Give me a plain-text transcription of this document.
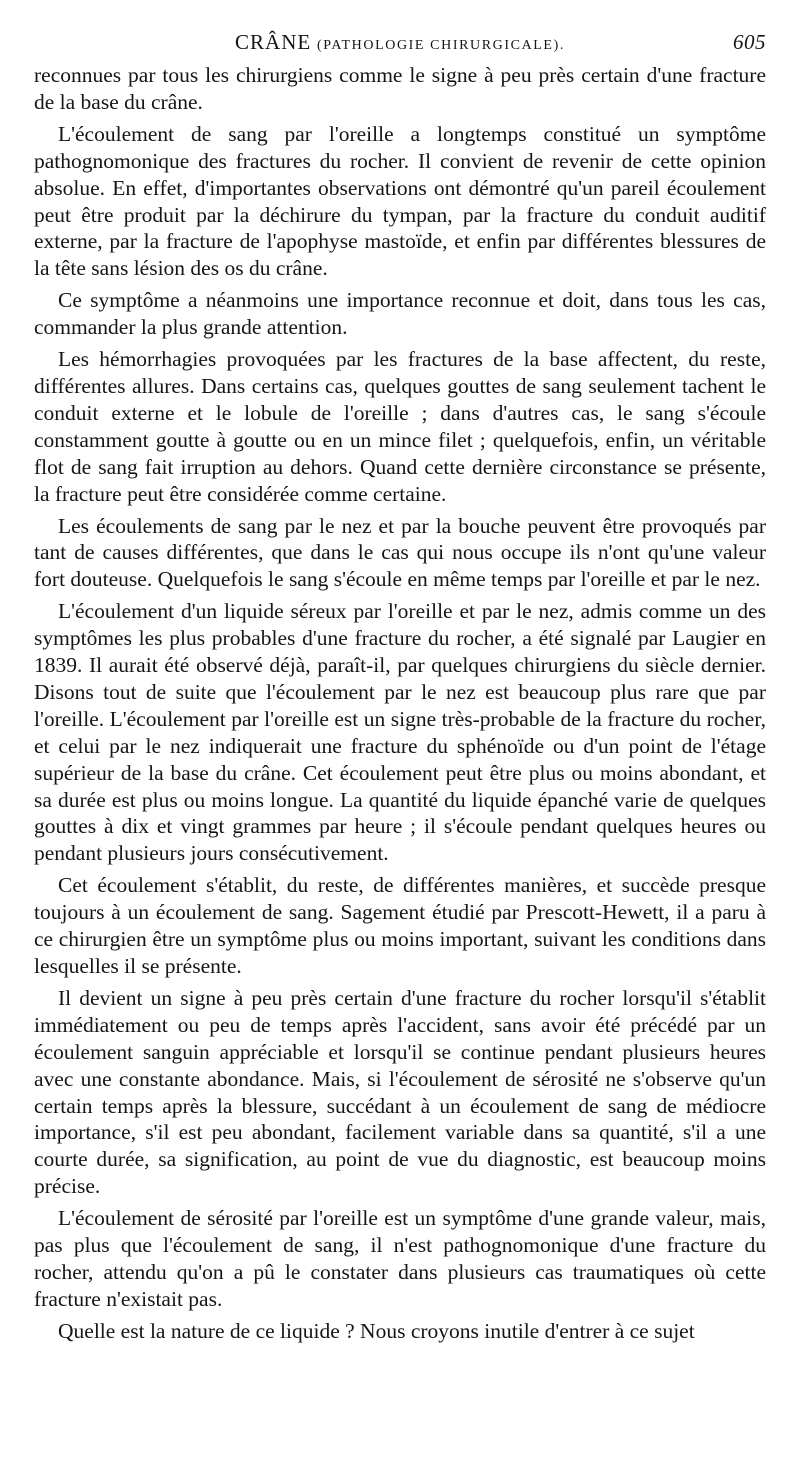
CRÂNE (PATHOLOGIE CHIRURGICALE).	605

reconnues par tous les chirurgiens comme le signe à peu près certain d'une fracture de la base du crâne.

L'écoulement de sang par l'oreille a longtemps constitué un symptôme pathognomonique des fractures du rocher. Il convient de revenir de cette opinion absolue. En effet, d'importantes observations ont démontré qu'un pareil écoulement peut être produit par la déchirure du tympan, par la fracture du conduit auditif externe, par la fracture de l'apophyse mastoïde, et enfin par différentes blessures de la tête sans lésion des os du crâne.

Ce symptôme a néanmoins une importance reconnue et doit, dans tous les cas, commander la plus grande attention.

Les hémorrhagies provoquées par les fractures de la base affectent, du reste, différentes allures. Dans certains cas, quelques gouttes de sang seulement tachent le conduit externe et le lobule de l'oreille ; dans d'autres cas, le sang s'écoule constamment goutte à goutte ou en un mince filet ; quelquefois, enfin, un véritable flot de sang fait irruption au dehors. Quand cette dernière circonstance se présente, la fracture peut être considérée comme certaine.

Les écoulements de sang par le nez et par la bouche peuvent être provoqués par tant de causes différentes, que dans le cas qui nous occupe ils n'ont qu'une valeur fort douteuse. Quelquefois le sang s'écoule en même temps par l'oreille et par le nez.

L'écoulement d'un liquide séreux par l'oreille et par le nez, admis comme un des symptômes les plus probables d'une fracture du rocher, a été signalé par Laugier en 1839. Il aurait été observé déjà, paraît-il, par quelques chirurgiens du siècle dernier. Disons tout de suite que l'écoulement par le nez est beaucoup plus rare que par l'oreille. L'écoulement par l'oreille est un signe très-probable de la fracture du rocher, et celui par le nez indiquerait une fracture du sphénoïde ou d'un point de l'étage supérieur de la base du crâne. Cet écoulement peut être plus ou moins abondant, et sa durée est plus ou moins longue. La quantité du liquide épanché varie de quelques gouttes à dix et vingt grammes par heure ; il s'écoule pendant quelques heures ou pendant plusieurs jours consécutivement.

Cet écoulement s'établit, du reste, de différentes manières, et succède presque toujours à un écoulement de sang. Sagement étudié par Prescott-Hewett, il a paru à ce chirurgien être un symptôme plus ou moins important, suivant les conditions dans lesquelles il se présente.

Il devient un signe à peu près certain d'une fracture du rocher lorsqu'il s'établit immédiatement ou peu de temps après l'accident, sans avoir été précédé par un écoulement sanguin appréciable et lorsqu'il se continue pendant plusieurs heures avec une constante abondance. Mais, si l'écoulement de sérosité ne s'observe qu'un certain temps après la blessure, succédant à un écoulement de sang de médiocre importance, s'il est peu abondant, facilement variable dans sa quantité, s'il a une courte durée, sa signification, au point de vue du diagnostic, est beaucoup moins précise.

L'écoulement de sérosité par l'oreille est un symptôme d'une grande valeur, mais, pas plus que l'écoulement de sang, il n'est pathognomonique d'une fracture du rocher, attendu qu'on a pû le constater dans plusieurs cas traumatiques où cette fracture n'existait pas.

Quelle est la nature de ce liquide ? Nous croyons inutile d'entrer à ce sujet
